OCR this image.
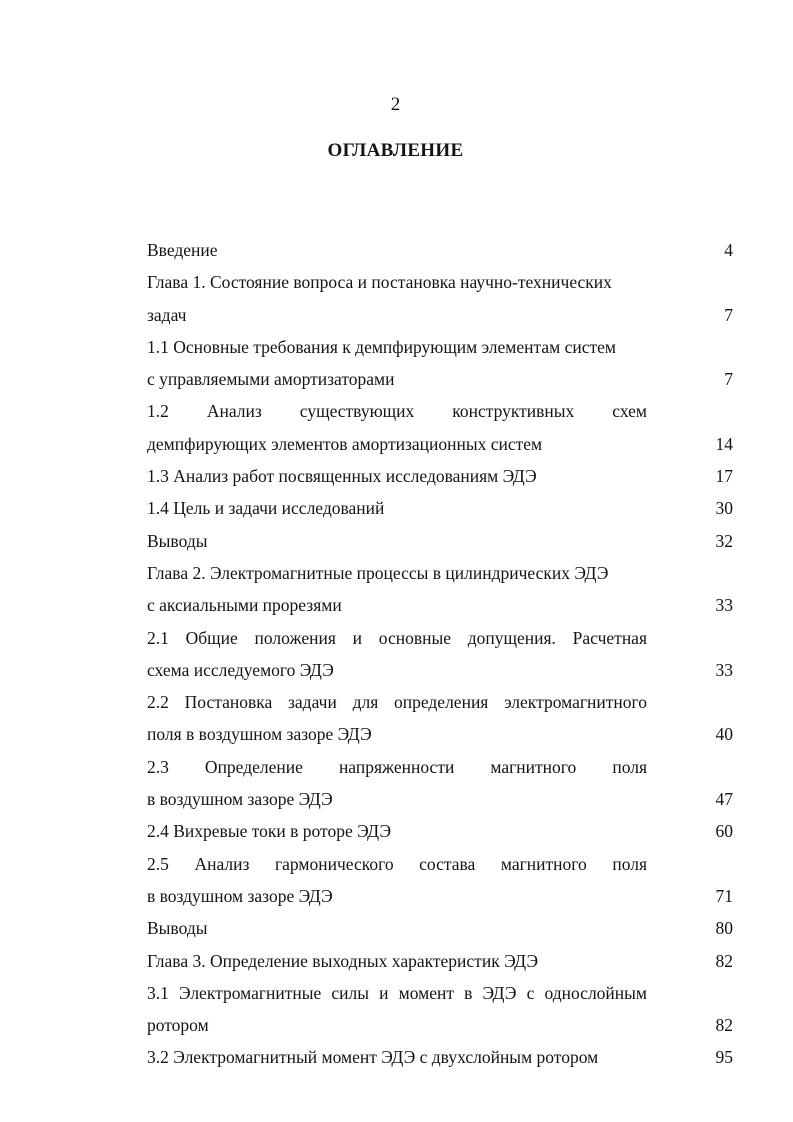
2
ОГЛАВЛЕНИЕ
Введение	4
Глава 1. Состояние вопроса и постановка научно-технических
задач	7
1.1 Основные требования к демпфирующим элементам систем
с управляемыми амортизаторами	7
1.2 Анализ существующих конструктивных схем
демпфирующих элементов амортизационных систем	14
1.3 Анализ работ посвященных исследованиям ЭДЭ	17
1.4 Цель и задачи исследований	30
Выводы	32
Глава 2. Электромагнитные процессы в цилиндрических ЭДЭ
с аксиальными прорезями	33
2.1 Общие положения и основные допущения. Расчетная
схема исследуемого ЭДЭ	33
2.2 Постановка задачи для определения электромагнитного
поля в воздушном зазоре ЭДЭ	40
2.3 Определение напряженности магнитного поля
в воздушном зазоре ЭДЭ	47
2.4 Вихревые токи в роторе ЭДЭ	60
2.5 Анализ гармонического состава магнитного поля
в воздушном зазоре ЭДЭ	71
Выводы	80
Глава 3. Определение выходных характеристик ЭДЭ	82
3.1 Электромагнитные силы и момент в ЭДЭ с однослойным
ротором	82
3.2 Электромагнитный момент ЭДЭ с двухслойным ротором	95
